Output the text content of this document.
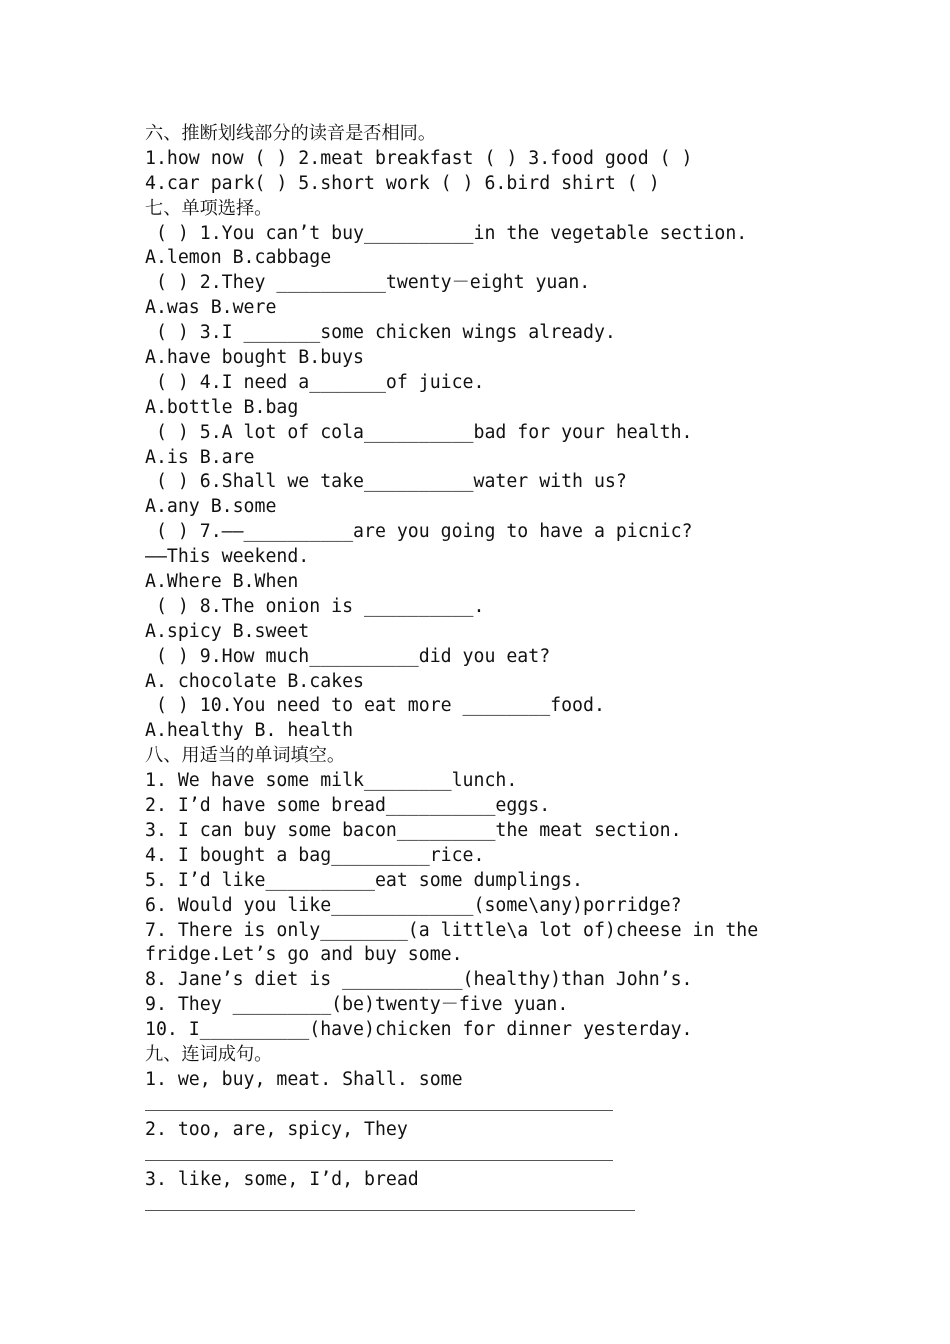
六、推断划线部分的读音是否相同。
1.how now ( ) 2.meat breakfast ( ) 3.food good ( )
4.car park( ) 5.short work ( ) 6.bird shirt ( )
七、单项选择。
( ) 1.You can’t buy__________in the vegetable section.
A.lemon B.cabbage
( ) 2.They __________twenty－eight yuan.
A.was B.were
( ) 3.I _______some chicken wings already.
A.have bought B.buys
( ) 4.I need a_______of juice.
A.bottle B.bag
( ) 5.A lot of cola__________bad for your health.
A.is B.are
( ) 6.Shall we take__________water with us?
A.any B.some
( ) 7.——__________are you going to have a picnic?
——This weekend.
A.Where B.When
( ) 8.The onion is __________.
A.spicy B.sweet
( ) 9.How much__________did you eat?
A. chocolate B.cakes
( ) 10.You need to eat more ________food.
A.healthy B. health
八、用适当的单词填空。
1. We have some milk________lunch.
2. I’d have some bread__________eggs.
3. I can buy some bacon_________the meat section.
4. I bought a bag_________rice.
5. I’d like__________eat some dumplings.
6. Would you like_____________(some\any)porridge?
7. There is only________(a little\a lot of)cheese in the
fridge.Let’s go and buy some.
8. Jane’s diet is ___________(healthy)than John’s.
9. They _________(be)twenty－five yuan.
10. I__________(have)chicken for dinner yesterday.
九、连词成句。
1. we, buy, meat. Shall. some
2. too, are, spicy, They
3. like, some, I’d, bread
